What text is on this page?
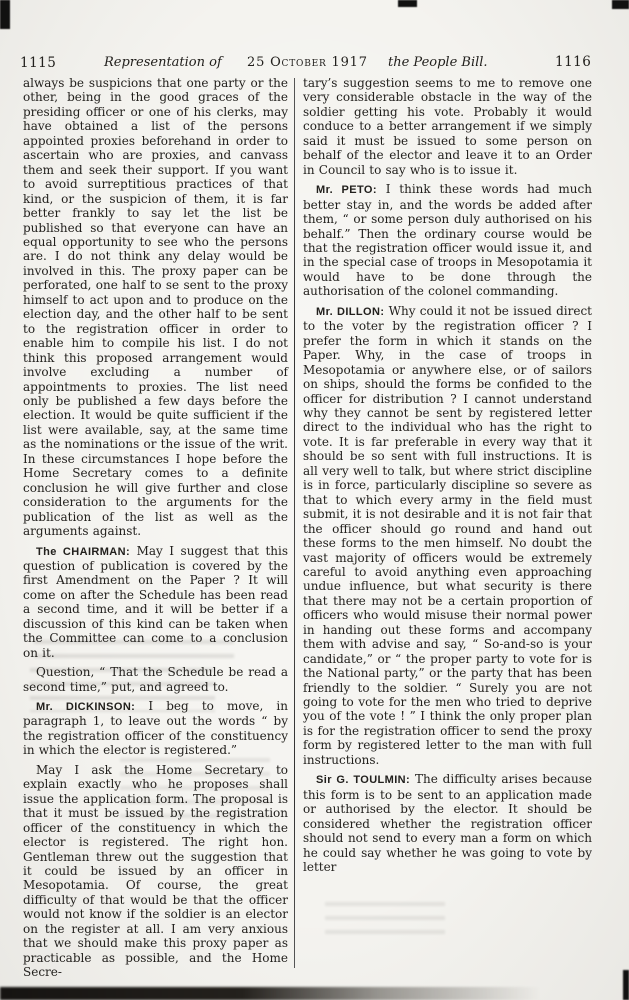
1115	Representation of 25 October 1917 the People Bill.	1116

always be suspicions that one party or the other, being in the good graces of the presiding officer or one of his clerks, may have obtained a list of the persons appointed proxies beforehand in order to ascertain who are proxies, and canvass them and seek their support. If you want to avoid surreptitious practices of that kind, or the suspicion of them, it is far better frankly to say let the list be published so that everyone can have an equal opportunity to see who the persons are. I do not think any delay would be involved in this. The proxy paper can be perforated, one half to se sent to the proxy himself to act upon and to produce on the election day, and the other half to be sent to the registration officer in order to enable him to compile his list. I do not think this proposed arrangement would involve excluding a number of appointments to proxies. The list need only be published a few days before the election. It would be quite sufficient if the list were available, say, at the same time as the nominations or the issue of the writ. In these circumstances I hope before the Home Secretary comes to a definite conclusion he will give further and close consideration to the arguments for the publication of the list as well as the arguments against.

The CHAIRMAN: May I suggest that this question of publication is covered by the first Amendment on the Paper ? It will come on after the Schedule has been read a second time, and it will be better if a discussion of this kind can be taken when the Committee can come to a conclusion on it.

Question, “ That the Schedule be read a second time,” put, and agreed to.

Mr. DICKINSON: I beg to move, in paragraph 1, to leave out the words “ by the registration officer of the constituency in which the elector is registered.”

May I ask the Home Secretary to explain exactly who he proposes shall issue the application form. The proposal is that it must be issued by the registration officer of the constituency in which the elector is registered. The right hon. Gentleman threw out the suggestion that it could be issued by an officer in Mesopotamia. Of course, the great difficulty of that would be that the officer would not know if the soldier is an elector on the register at all. I am very anxious that we should make this proxy paper as practicable as possible, and the Home Secre-

tary’s suggestion seems to me to remove one very considerable obstacle in the way of the soldier getting his vote. Probably it would conduce to a better arrangement if we simply said it must be issued to some person on behalf of the elector and leave it to an Order in Council to say who is to issue it.

Mr. PETO: I think these words had much better stay in, and the words be added after them, “ or some person duly authorised on his behalf.” Then the ordinary course would be that the registration officer would issue it, and in the special case of troops in Mesopotamia it would have to be done through the authorisation of the colonel commanding.

Mr. DILLON: Why could it not be issued direct to the voter by the registration officer ? I prefer the form in which it stands on the Paper. Why, in the case of troops in Mesopotamia or anywhere else, or of sailors on ships, should the forms be confided to the officer for distribution ? I cannot understand why they cannot be sent by registered letter direct to the individual who has the right to vote. It is far preferable in every way that it should be so sent with full instructions. It is all very well to talk, but where strict discipline is in force, particularly discipline so severe as that to which every army in the field must submit, it is not desirable and it is not fair that the officer should go round and hand out these forms to the men himself. No doubt the vast majority of officers would be extremely careful to avoid anything even approaching undue influence, but what security is there that there may not be a certain proportion of officers who would misuse their normal power in handing out these forms and accompany them with advise and say, “ So-and-so is your candidate,” or “ the proper party to vote for is the National party,” or the party that has been friendly to the soldier. “ Surely you are not going to vote for the men who tried to deprive you of the vote ! ” I think the only proper plan is for the registration officer to send the proxy form by registered letter to the man with full instructions.

Sir G. TOULMIN: The difficulty arises because this form is to be sent to an application made or authorised by the elector. It should be considered whether the registration officer should not send to every man a form on which he could say whether he was going to vote by letter
